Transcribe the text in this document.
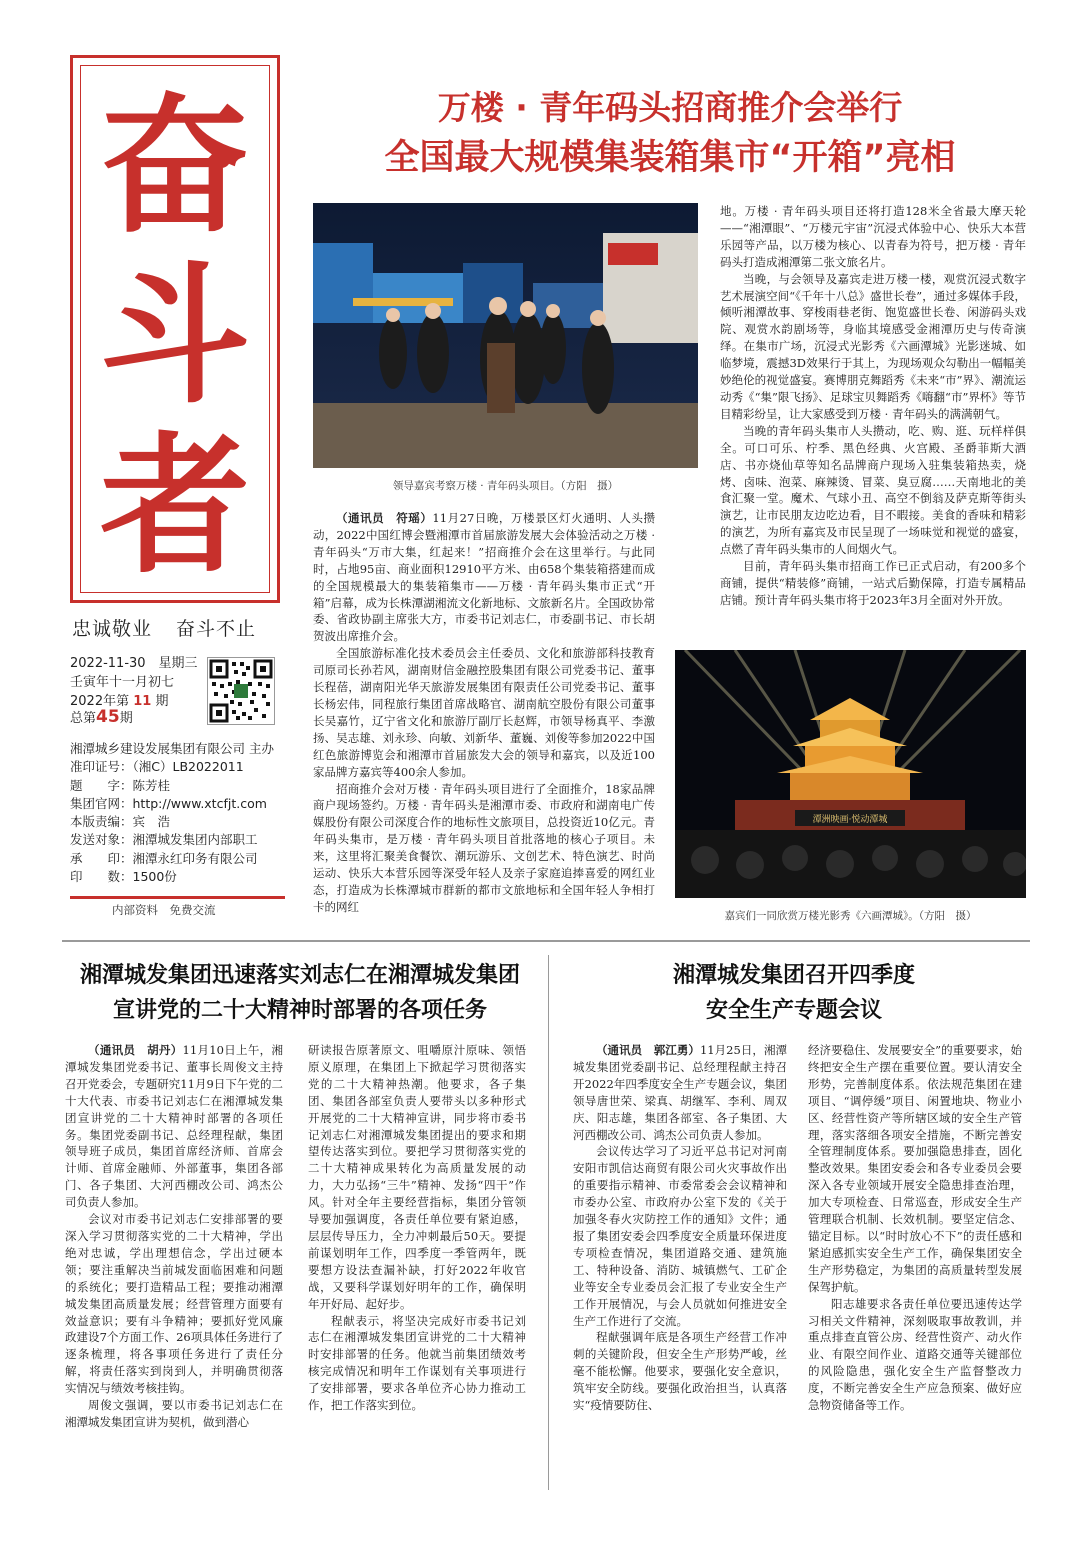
奋
斗
者
忠诚敬业 奋斗不止
2022-11-30　星期三
壬寅年十一月初七
2022年第 11 期
总第45期
湘潭城乡建设发展集团有限公司 主办
准印证号：（湘C）LB2022011
题　　字：陈芳桂
集团官网：http://www.xtcfjt.com
本版责编：宾　浩
发送对象：湘潭城发集团内部职工
承　　印：湘潭永红印务有限公司
印　　数：1500份
内部资料　免费交流
万楼 · 青年码头招商推介会举行
全国最大规模集装箱集市“开箱”亮相
领导嘉宾考察万楼 · 青年码头项目。（方阳　摄）

（通讯员　符瑶）11月27日晚，万楼景区灯火通明、人头攒动，2022中国红博会暨湘潭市首届旅游发展大会体验活动之万楼 · 青年码头“万市大集，红起来！”招商推介会在这里举行。与此同时，占地95亩、商业面积12910平方米、由658个集装箱搭建而成的全国规模最大的集装箱集市——万楼 · 青年码头集市正式“开箱”启幕，成为长株潭湖湘流文化新地标、文旅新名片。全国政协常委、省政协副主席张大方，市委书记刘志仁，市委副书记、市长胡贺波出席推介会。

全国旅游标准化技术委员会主任委员、文化和旅游部科技教育司原司长孙若风，湖南财信金融控股集团有限公司党委书记、董事长程蓓，湖南阳光华天旅游发展集团有限责任公司党委书记、董事长杨宏伟，同程旅行集团首席战略官、湖南航空股份有限公司董事长吴嘉竹，辽宁省文化和旅游厅副厅长赵辉，市领导杨真平、李激扬、吴志雄、刘永珍、向敏、刘新华、董巍、刘俊等参加2022中国红色旅游博览会和湘潭市首届旅发大会的领导和嘉宾，以及近100家品牌方嘉宾等400余人参加。

招商推介会对万楼 · 青年码头项目进行了全面推介，18家品牌商户现场签约。万楼 · 青年码头是湘潭市委、市政府和湖南电广传媒股份有限公司深度合作的地标性文旅项目，总投资近10亿元。青年码头集市，是万楼 · 青年码头项目首批落地的核心子项目。未来，这里将汇聚美食餐饮、潮玩游乐、文创艺术、特色演艺、时尚运动、快乐大本营乐园等深受年轻人及亲子家庭追捧喜爱的网红业态，打造成为长株潭城市群新的都市文旅地标和全国年轻人争相打卡的网红

地。万楼 · 青年码头项目还将打造128米全省最大摩天轮——“湘潭眼”、“万楼元宇宙”沉浸式体验中心、快乐大本营乐园等产品，以万楼为核心、以青春为符号，把万楼 · 青年码头打造成湘潭第二张文旅名片。

当晚，与会领导及嘉宾走进万楼一楼，观赏沉浸式数字艺术展演空间“《千年十八总》盛世长卷”，通过多媒体手段，倾听湘潭故事、穿梭雨巷老街、饱览盛世长卷、闲游码头戏院、观赏水韵剧场等，身临其境感受金湘潭历史与传奇演绎。在集市广场，沉浸式光影秀《六画潭城》光影迷城、如临梦境，震撼3D效果行于其上，为现场观众勾勒出一幅幅美妙绝伦的视觉盛宴。赛博朋克舞蹈秀《未来“市”界》、潮流运动秀《“集”限飞扬》、足球宝贝舞蹈秀《嗨翻“市”界杯》等节目精彩纷呈，让大家感受到万楼 · 青年码头的满满朝气。

当晚的青年码头集市人头攒动，吃、购、逛、玩样样俱全。可口可乐、柠季、黑色经典、火宫殿、圣爵菲斯大酒店、书亦烧仙草等知名品牌商户现场入驻集装箱热卖，烧烤、卤味、泡菜、麻辣烫、冒菜、臭豆腐……天南地北的美食汇聚一堂。魔术、气球小丑、高空不倒翁及萨克斯等街头演艺，让市民朋友边吃边看，目不暇接。美食的香味和精彩的演艺，为所有嘉宾及市民呈现了一场味觉和视觉的盛宴，点燃了青年码头集市的人间烟火气。

目前，青年码头集市招商工作已正式启动，有200多个商铺，提供“精装修”商铺，一站式后勤保障，打造专属精品店铺。预计青年码头集市将于2023年3月全面对外开放。

潭洲映画·悦动潭城
嘉宾们一同欣赏万楼光影秀《六画潭城》。（方阳　摄）
湘潭城发集团迅速落实刘志仁在湘潭城发集团
宣讲党的二十大精神时部署的各项任务

（通讯员　胡丹）11月10日上午，湘潭城发集团党委书记、董事长周俊文主持召开党委会，专题研究11月9日下午党的二十大代表、市委书记刘志仁在湘潭城发集团宣讲党的二十大精神时部署的各项任务。集团党委副书记、总经理程献，集团领导班子成员，集团首席经济师、首席会计师、首席金融师、外部董事，集团各部门、各子集团、大河西棚改公司、鸿杰公司负责人参加。

会议对市委书记刘志仁安排部署的要深入学习贯彻落实党的二十大精神，学出绝对忠诚，学出理想信念，学出过硬本领；要注重解决当前城发面临困难和问题的系统化；要打造精品工程；要推动湘潭城发集团高质量发展；经营管理方面要有效益意识；要有斗争精神；要抓好党风廉政建设7个方面工作、26项具体任务进行了逐条梳理，将各事项任务进行了责任分解，将责任落实到岗到人，并明确贯彻落实情况与绩效考核挂钩。

周俊文强调，要以市委书记刘志仁在湘潭城发集团宣讲为契机，做到潜心

研读报告原著原文、咀嚼原汁原味、领悟原义原理，在集团上下掀起学习贯彻落实党的二十大精神热潮。他要求，各子集团、集团各部室负责人要带头以多种形式开展党的二十大精神宣讲，同步将市委书记刘志仁对湘潭城发集团提出的要求和期望传达落实到位。要把学习贯彻落实党的二十大精神成果转化为高质量发展的动力，大力弘扬“三牛”精神、发扬“四干”作风。针对全年主要经营指标，集团分管领导要加强调度，各责任单位要有紧迫感，层层传导压力，全力冲刺最后50天。要提前谋划明年工作，四季度一季管两年，既要想方设法查漏补缺，打好2022年收官战，又要科学谋划好明年的工作，确保明年开好局、起好步。

程献表示，将坚决完成好市委书记刘志仁在湘潭城发集团宣讲党的二十大精神时安排部署的任务。他就当前集团绩效考核完成情况和明年工作谋划有关事项进行了安排部署，要求各单位齐心协力推动工作，把工作落实到位。

湘潭城发集团召开四季度
安全生产专题会议

（通讯员　郭江勇）11月25日，湘潭城发集团党委副书记、总经理程献主持召开2022年四季度安全生产专题会议，集团领导唐世荣、梁真、胡继军、李利、周双庆、阳志雄，集团各部室、各子集团、大河西棚改公司、鸿杰公司负责人参加。

会议传达学习了习近平总书记对河南安阳市凯信达商贸有限公司火灾事故作出的重要指示精神、市委常委会会议精神和市委办公室、市政府办公室下发的《关于加强冬春火灾防控工作的通知》文件；通报了集团安委会四季度安全质量环保进度专项检查情况，集团道路交通、建筑施工、特种设备、消防、城镇燃气、工矿企业等安全专业委员会汇报了专业安全生产工作开展情况，与会人员就如何推进安全生产工作进行了交流。

程献强调年底是各项生产经营工作冲刺的关键阶段，但安全生产形势严峻，丝毫不能松懈。他要求，要强化安全意识，筑牢安全防线。要强化政治担当，认真落实“疫情要防住、

经济要稳住、发展要安全”的重要要求，始终把安全生产摆在重要位置。要认清安全形势，完善制度体系。依法规范集团在建项目、“调停缓”项目、闲置地块、物业小区、经营性资产等所辖区域的安全生产管理，落实落细各项安全措施，不断完善安全管理制度体系。要加强隐患排查，固化整改效果。集团安委会和各专业委员会要深入各专业领域开展安全隐患排查治理，加大专项检查、日常巡查，形成安全生产管理联合机制、长效机制。要坚定信念、锚定目标。以“时时放心不下”的责任感和紧迫感抓实安全生产工作，确保集团安全生产形势稳定，为集团的高质量转型发展保驾护航。

阳志雄要求各责任单位要迅速传达学习相关文件精神，深刻吸取事故教训，并重点排查直管公房、经营性资产、动火作业、有限空间作业、道路交通等关键部位的风险隐患，强化安全生产监督整改力度，不断完善安全生产应急预案、做好应急物资储备等工作。
